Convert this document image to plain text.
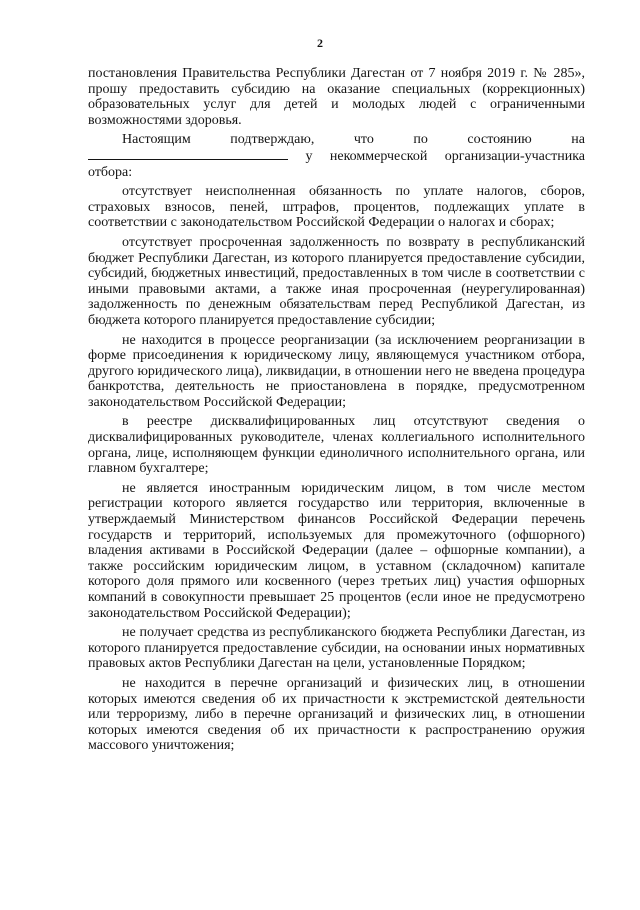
2

постановления Правительства Республики Дагестан от 7 ноября 2019 г. № 285», прошу предоставить субсидию на оказание специальных (коррекционных) образовательных услуг для детей и молодых людей с ограниченными возможностями здоровья.

Настоящим подтверждаю, что по состоянию на  у некоммерческой организации-участника отбора:

отсутствует неисполненная обязанность по уплате налогов, сборов, страховых взносов, пеней, штрафов, процентов, подлежащих уплате в соответствии с законодательством Российской Федерации о налогах и сборах;

отсутствует просроченная задолженность по возврату в республиканский бюджет Республики Дагестан, из которого планируется предоставление субсидии, субсидий, бюджетных инвестиций, предоставленных в том числе в соответствии с иными правовыми актами, а также иная просроченная (неурегулированная) задолженность по денежным обязательствам перед Республикой Дагестан, из бюджета которого планируется предоставление субсидии;

не находится в процессе реорганизации (за исключением реорганизации в форме присоединения к юридическому лицу, являющемуся участником отбора, другого юридического лица), ликвидации, в отношении него не введена процедура банкротства, деятельность не приостановлена в порядке, предусмотренном законодательством Российской Федерации;

в реестре дисквалифицированных лиц отсутствуют сведения о дисквалифицированных руководителе, членах коллегиального исполнительного органа, лице, исполняющем функции единоличного исполнительного органа, или главном бухгалтере;

не является иностранным юридическим лицом, в том числе местом регистрации которого является государство или территория, включенные в утверждаемый Министерством финансов Российской Федерации перечень государств и территорий, используемых для промежуточного (офшорного) владения активами в Российской Федерации (далее – офшорные компании), а также российским юридическим лицом, в уставном (складочном) капитале которого доля прямого или косвенного (через третьих лиц) участия офшорных компаний в совокупности превышает 25 процентов (если иное не предусмотрено законодательством Российской Федерации);

не получает средства из республиканского бюджета Республики Дагестан, из которого планируется предоставление субсидии, на основании иных нормативных правовых актов Республики Дагестан на цели, установленные Порядком;

не находится в перечне организаций и физических лиц, в отношении которых имеются сведения об их причастности к экстремистской деятельности или терроризму, либо в перечне организаций и физических лиц, в отношении которых имеются сведения об их причастности к распространению оружия массового уничтожения;
